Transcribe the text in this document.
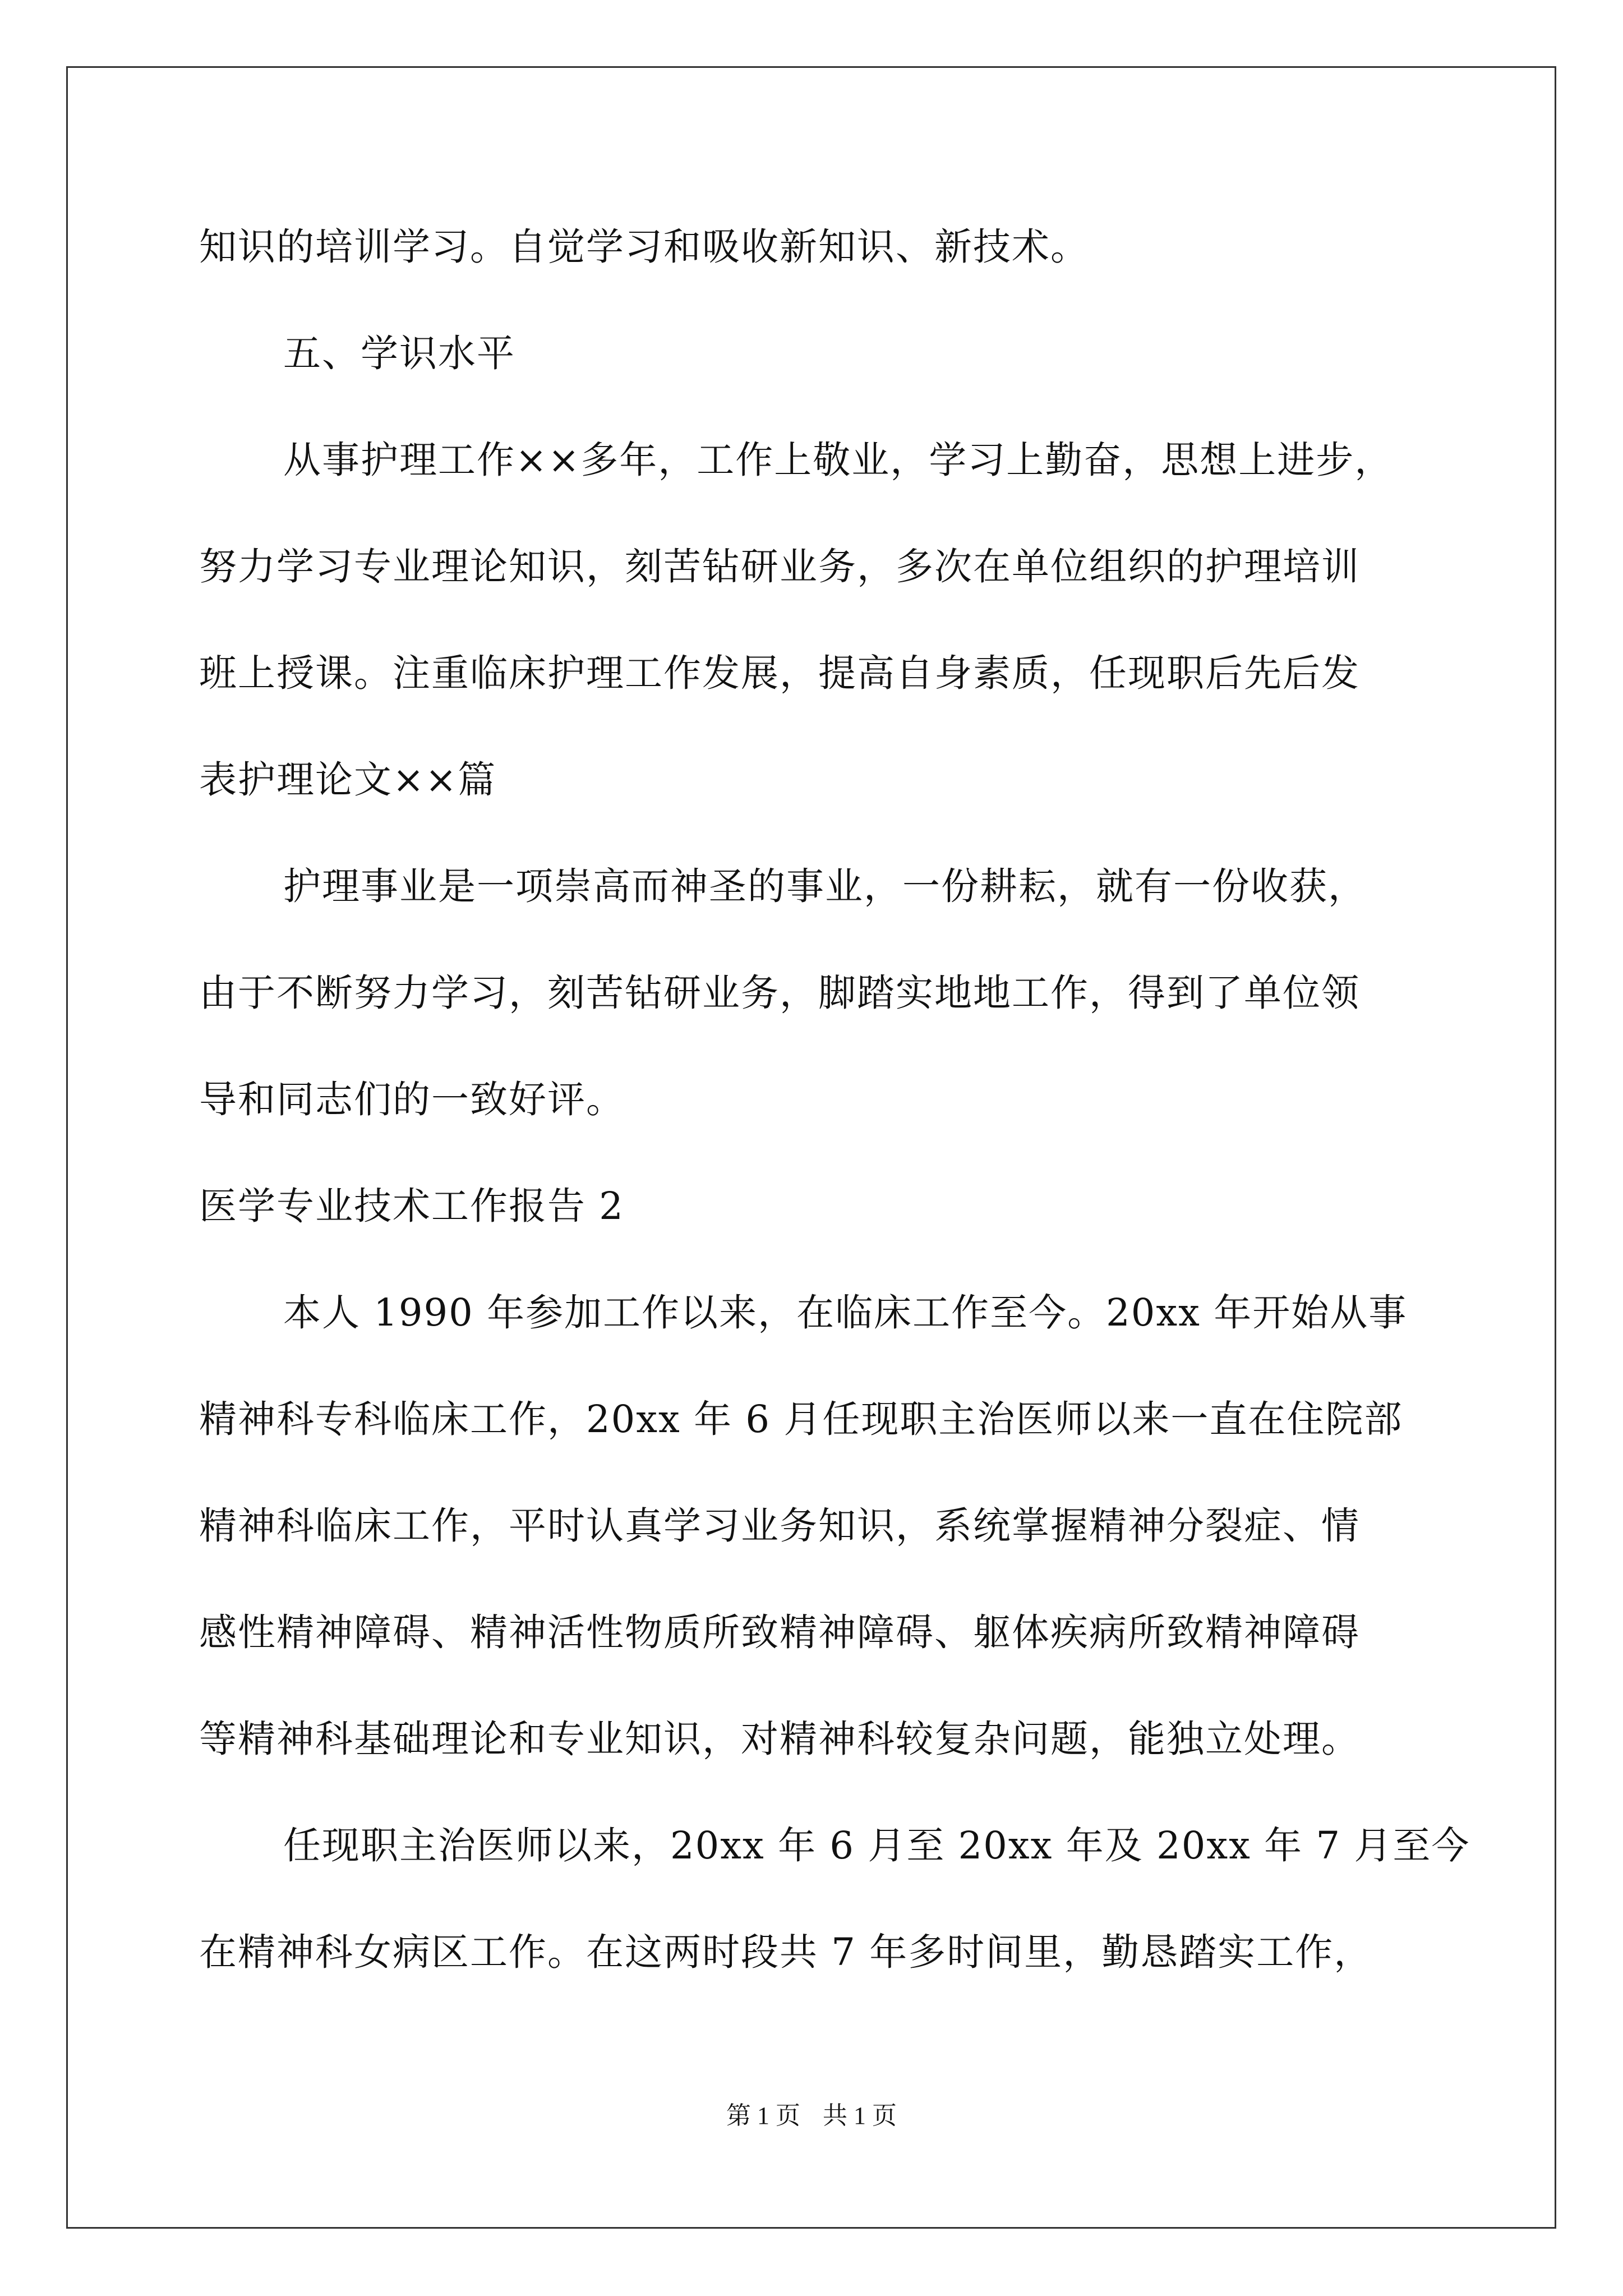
知识的培训学习。自觉学习和吸收新知识、新技术。
五、学识水平
从事护理工作××多年，工作上敬业，学习上勤奋，思想上进步，
努力学习专业理论知识，刻苦钻研业务，多次在单位组织的护理培训
班上授课。注重临床护理工作发展，提高自身素质，任现职后先后发
表护理论文××篇
护理事业是一项崇高而神圣的事业，一份耕耘，就有一份收获，
由于不断努力学习，刻苦钻研业务，脚踏实地地工作，得到了单位领
导和同志们的一致好评。
医学专业技术工作报告 2
本人 1990 年参加工作以来，在临床工作至今。20xx 年开始从事
精神科专科临床工作，20xx 年 6 月任现职主治医师以来一直在住院部
精神科临床工作，平时认真学习业务知识，系统掌握精神分裂症、情
感性精神障碍、精神活性物质所致精神障碍、躯体疾病所致精神障碍
等精神科基础理论和专业知识，对精神科较复杂问题，能独立处理。
任现职主治医师以来，20xx 年 6 月至 20xx 年及 20xx 年 7 月至今
在精神科女病区工作。在这两时段共 7 年多时间里，勤恳踏实工作，
第 1 页 共 1 页
